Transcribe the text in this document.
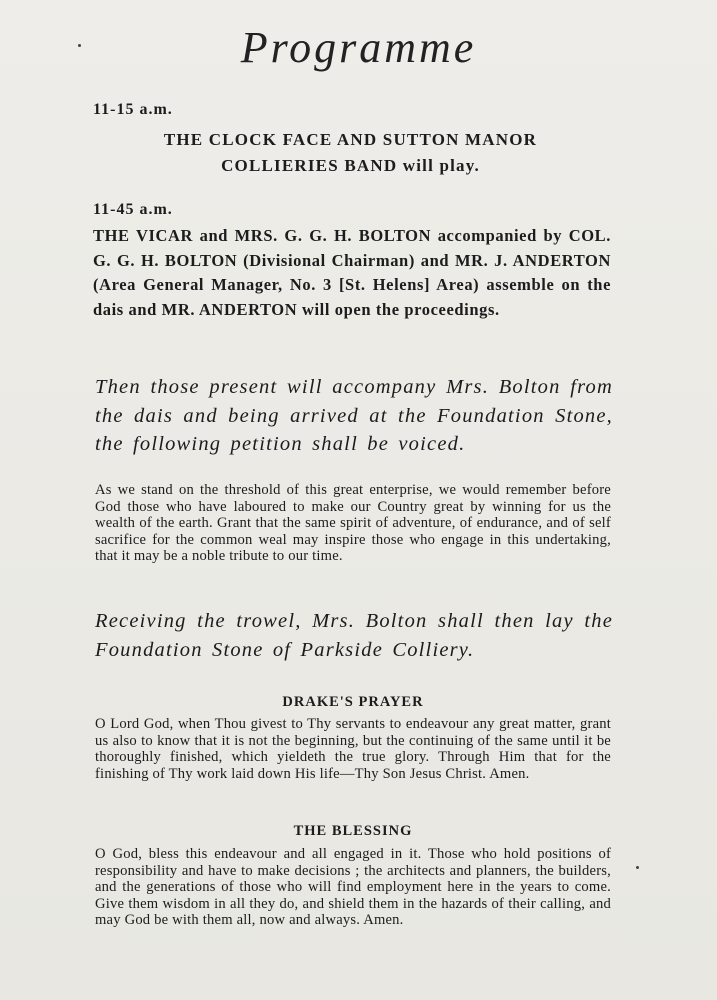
Programme
11-15 a.m.
THE CLOCK FACE AND SUTTON MANOR
COLLIERIES BAND will play.
11-45 a.m.
THE VICAR and MRS. G. G. H. BOLTON accompanied by COL. G. G. H. BOLTON (Divisional Chairman) and MR. J. ANDERTON (Area General Manager, No. 3 [St. Helens] Area) assemble on the dais and MR. ANDERTON will open the proceedings.
Then those present will accompany Mrs. Bolton from the dais and being arrived at the Foundation Stone, the following petition shall be voiced.
As we stand on the threshold of this great enterprise, we would remember before God those who have laboured to make our Country great by winning for us the wealth of the earth. Grant that the same spirit of adventure, of endurance, and of self sacrifice for the common weal may inspire those who engage in this undertaking, that it may be a noble tribute to our time.
Receiving the trowel, Mrs. Bolton shall then lay the Foundation Stone of Parkside Colliery.
DRAKE'S PRAYER
O Lord God, when Thou givest to Thy servants to endeavour any great matter, grant us also to know that it is not the beginning, but the continuing of the same until it be thoroughly finished, which yieldeth the true glory. Through Him that for the finishing of Thy work laid down His life—Thy Son Jesus Christ. Amen.
THE BLESSING
O God, bless this endeavour and all engaged in it. Those who hold positions of responsibility and have to make decisions ; the architects and planners, the builders, and the generations of those who will find employment here in the years to come. Give them wisdom in all they do, and shield them in the hazards of their calling, and may God be with them all, now and always. Amen.
